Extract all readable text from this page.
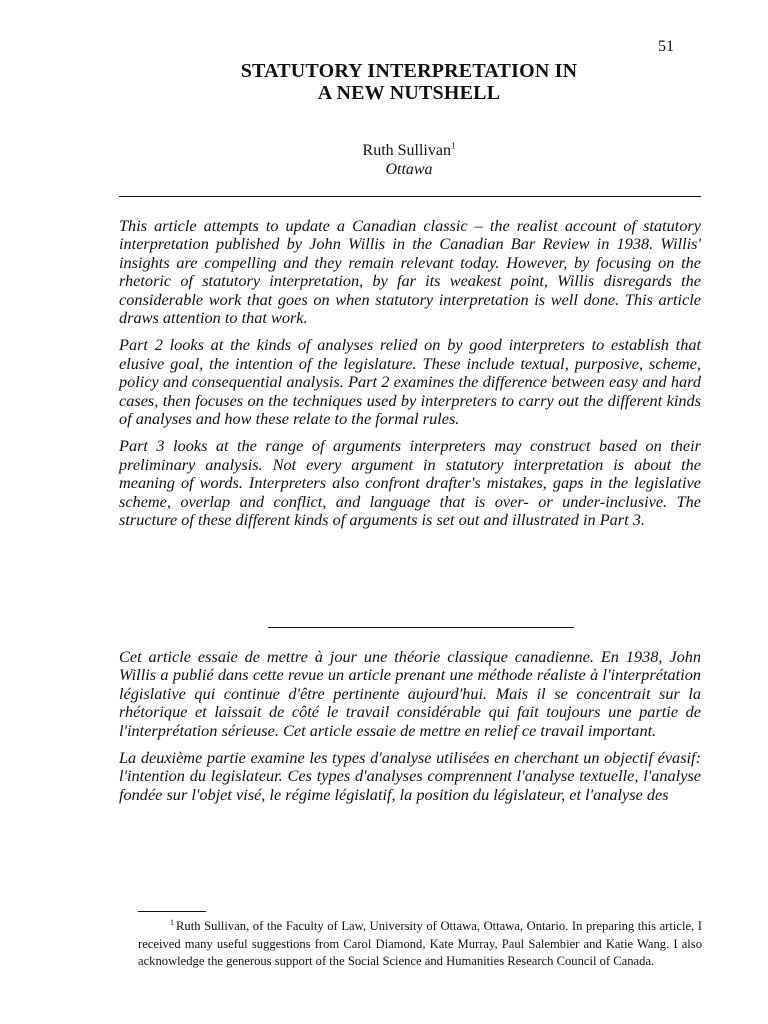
51
STATUTORY INTERPRETATION IN
A NEW NUTSHELL
Ruth Sullivan$^1$
Ottawa

This article attempts to update a Canadian classic – the realist account of statutory interpretation published by John Willis in the Canadian Bar Review in 1938. Willis' insights are compelling and they remain relevant today. However, by focusing on the rhetoric of statutory interpretation, by far its weakest point, Willis disregards the considerable work that goes on when statutory interpretation is well done. This article draws attention to that work.

Part 2 looks at the kinds of analyses relied on by good interpreters to establish that elusive goal, the intention of the legislature. These include textual, purposive, scheme, policy and consequential analysis. Part 2 examines the difference between easy and hard cases, then focuses on the techniques used by interpreters to carry out the different kinds of analyses and how these relate to the formal rules.

Part 3 looks at the range of arguments interpreters may construct based on their preliminary analysis. Not every argument in statutory interpretation is about the meaning of words. Interpreters also confront drafter's mistakes, gaps in the legislative scheme, overlap and conflict, and language that is over- or under-inclusive. The structure of these different kinds of arguments is set out and illustrated in Part 3.

Cet article essaie de mettre à jour une théorie classique canadienne. En 1938, John Willis a publié dans cette revue un article prenant une méthode réaliste à l'interprétation législative qui continue d'être pertinente aujourd'hui. Mais il se concentrait sur la rhétorique et laissait de côté le travail considérable qui fait toujours une partie de l'interprétation sérieuse. Cet article essaie de mettre en relief ce travail important.

La deuxième partie examine les types d'analyse utilisées en cherchant un objectif évasif: l'intention du legislateur. Ces types d'analyses comprennent l'analyse textuelle, l'analyse fondée sur l'objet visé, le régime législatif, la position du législateur, et l'analyse des

$^1$ Ruth Sullivan, of the Faculty of Law, University of Ottawa, Ottawa, Ontario. In preparing this article, I received many useful suggestions from Carol Diamond, Kate Murray, Paul Salembier and Katie Wang. I also acknowledge the generous support of the Social Science and Humanities Research Council of Canada.
